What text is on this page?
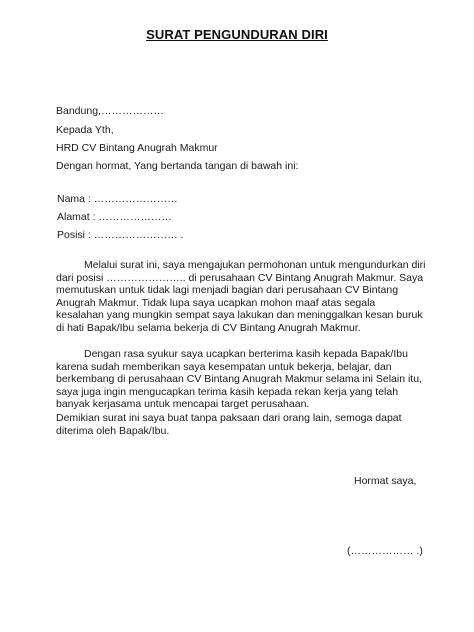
SURAT PENGUNDURAN DIRI
Bandung,………………
Kepada Yth,
HRD CV Bintang Anugrah Makmur
Dengan hormat, Yang bertanda tangan di bawah ini:
Nama : ……………………
Alamat : …………………
Posisi : …………………… .
Melalui surat ini, saya mengajukan permohonan untuk mengundurkan diri dari posisi ………………….. di perusahaan CV Bintang Anugrah Makmur. Saya memutuskan untuk tidak lagi menjadi bagian dari perusahaan CV Bintang Anugrah Makmur. Tidak lupa saya ucapkan mohon maaf atas segala kesalahan yang mungkin sempat saya lakukan dan meninggalkan kesan buruk di hati Bapak/Ibu selama bekerja di CV Bintang Anugrah Makmur.
Dengan rasa syukur saya ucapkan berterima kasih kepada Bapak/Ibu karena sudah memberikan saya kesempatan untuk bekerja, belajar, dan berkembang di perusahaan CV Bintang Anugrah Makmur selama ini Selain itu, saya juga ingin mengucapkan terima kasih kepada rekan kerja yang telah banyak kerjasama untuk mencapai target perusahaan.
Demikian surat ini saya buat tanpa paksaan dari orang lain, semoga dapat diterima oleh Bapak/Ibu.
Hormat saya,
(……………… .)
